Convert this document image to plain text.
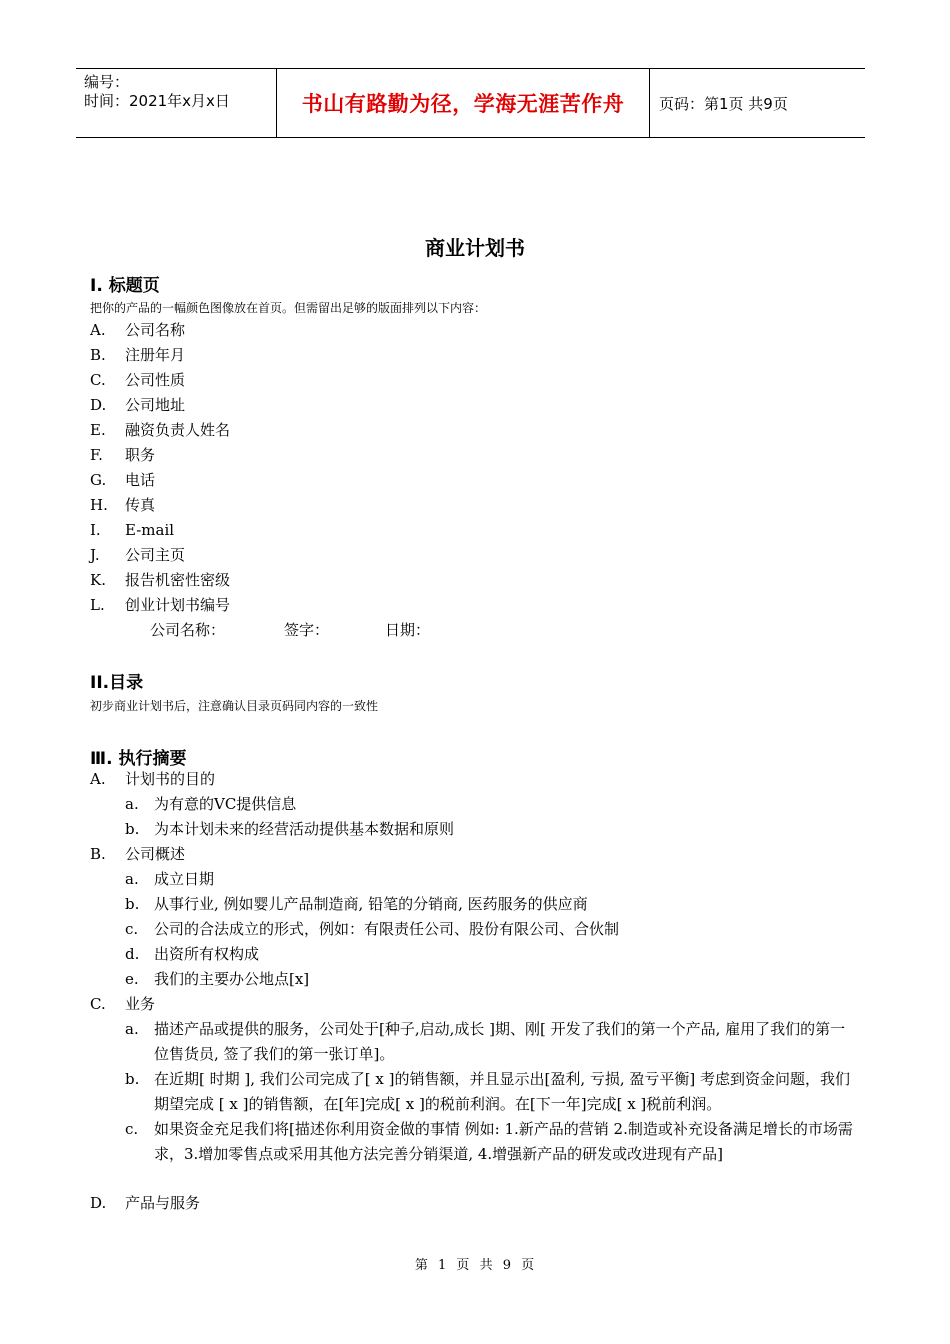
编号：
时间：2021年x月x日	书山有路勤为径，学海无涯苦作舟	页码：第1页 共9页
商业计划书
Ⅰ. 标题页
把你的产品的一幅颜色图像放在首页。但需留出足够的版面排列以下内容：
A. 公司名称
B. 注册年月
C. 公司性质
D. 公司地址
E. 融资负责人姓名
F. 职务
G. 电话
H. 传真
I. E-mail
J. 公司主页
K. 报告机密性密级
L. 创业计划书编号
公司名称：	签字：	日期：
II.目录
初步商业计划书后，注意确认目录页码同内容的一致性
Ⅲ. 执行摘要
A. 计划书的目的
a. 为有意的VC提供信息
b. 为本计划未来的经营活动提供基本数据和原则
B. 公司概述
a. 成立日期
b. 从事行业, 例如婴儿产品制造商, 铅笔的分销商, 医药服务的供应商
c. 公司的合法成立的形式，例如：有限责任公司、股份有限公司、合伙制
d. 出资所有权构成
e. 我们的主要办公地点[x]
C. 业务
a. 描述产品或提供的服务，公司处于[种子,启动,成长 ]期、刚[ 开发了我们的第一个产品, 雇用了我们的第一位售货员, 签了我们的第一张订单]。
b. 在近期[ 时期 ], 我们公司完成了[ x ]的销售额，并且显示出[盈利, 亏损, 盈亏平衡] 考虑到资金问题，我们期望完成 [ x ]的销售额，在[年]完成[ x ]的税前利润。在[下一年]完成[ x ]税前利润。
c. 如果资金充足我们将[描述你利用资金做的事情 例如: 1.新产品的营销 2.制造或补充设备满足增长的市场需求，3.增加零售点或采用其他方法完善分销渠道, 4.增强新产品的研发或改进现有产品]
D. 产品与服务
第 1 页 共 9 页
